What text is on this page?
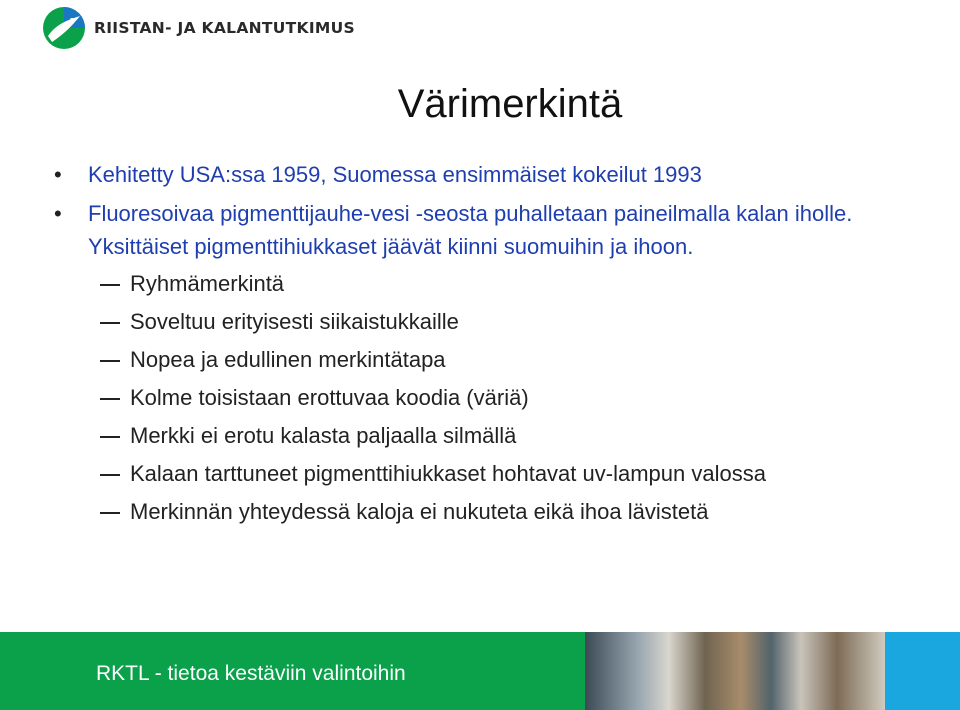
RIISTAN- JA KALANTUTKIMUS
Värimerkintä
• Kehitetty USA:ssa 1959, Suomessa ensimmäiset kokeilut 1993
• Fluoresoivaa pigmenttijauhe-vesi -seosta puhalletaan paineilmalla kalan iholle. Yksittäiset pigmenttihiukkaset jäävät kiinni suomuihin ja ihoon.
Ryhmämerkintä
Soveltuu erityisesti siikaistukkaille
Nopea ja edullinen merkintätapa
Kolme toisistaan erottuvaa koodia (väriä)
Merkki ei erotu kalasta paljaalla silmällä
Kalaan tarttuneet pigmenttihiukkaset hohtavat uv-lampun valossa
Merkinnän yhteydessä kaloja ei nukuteta eikä ihoa lävistetä
RKTL - tietoa kestäviin valintoihin
